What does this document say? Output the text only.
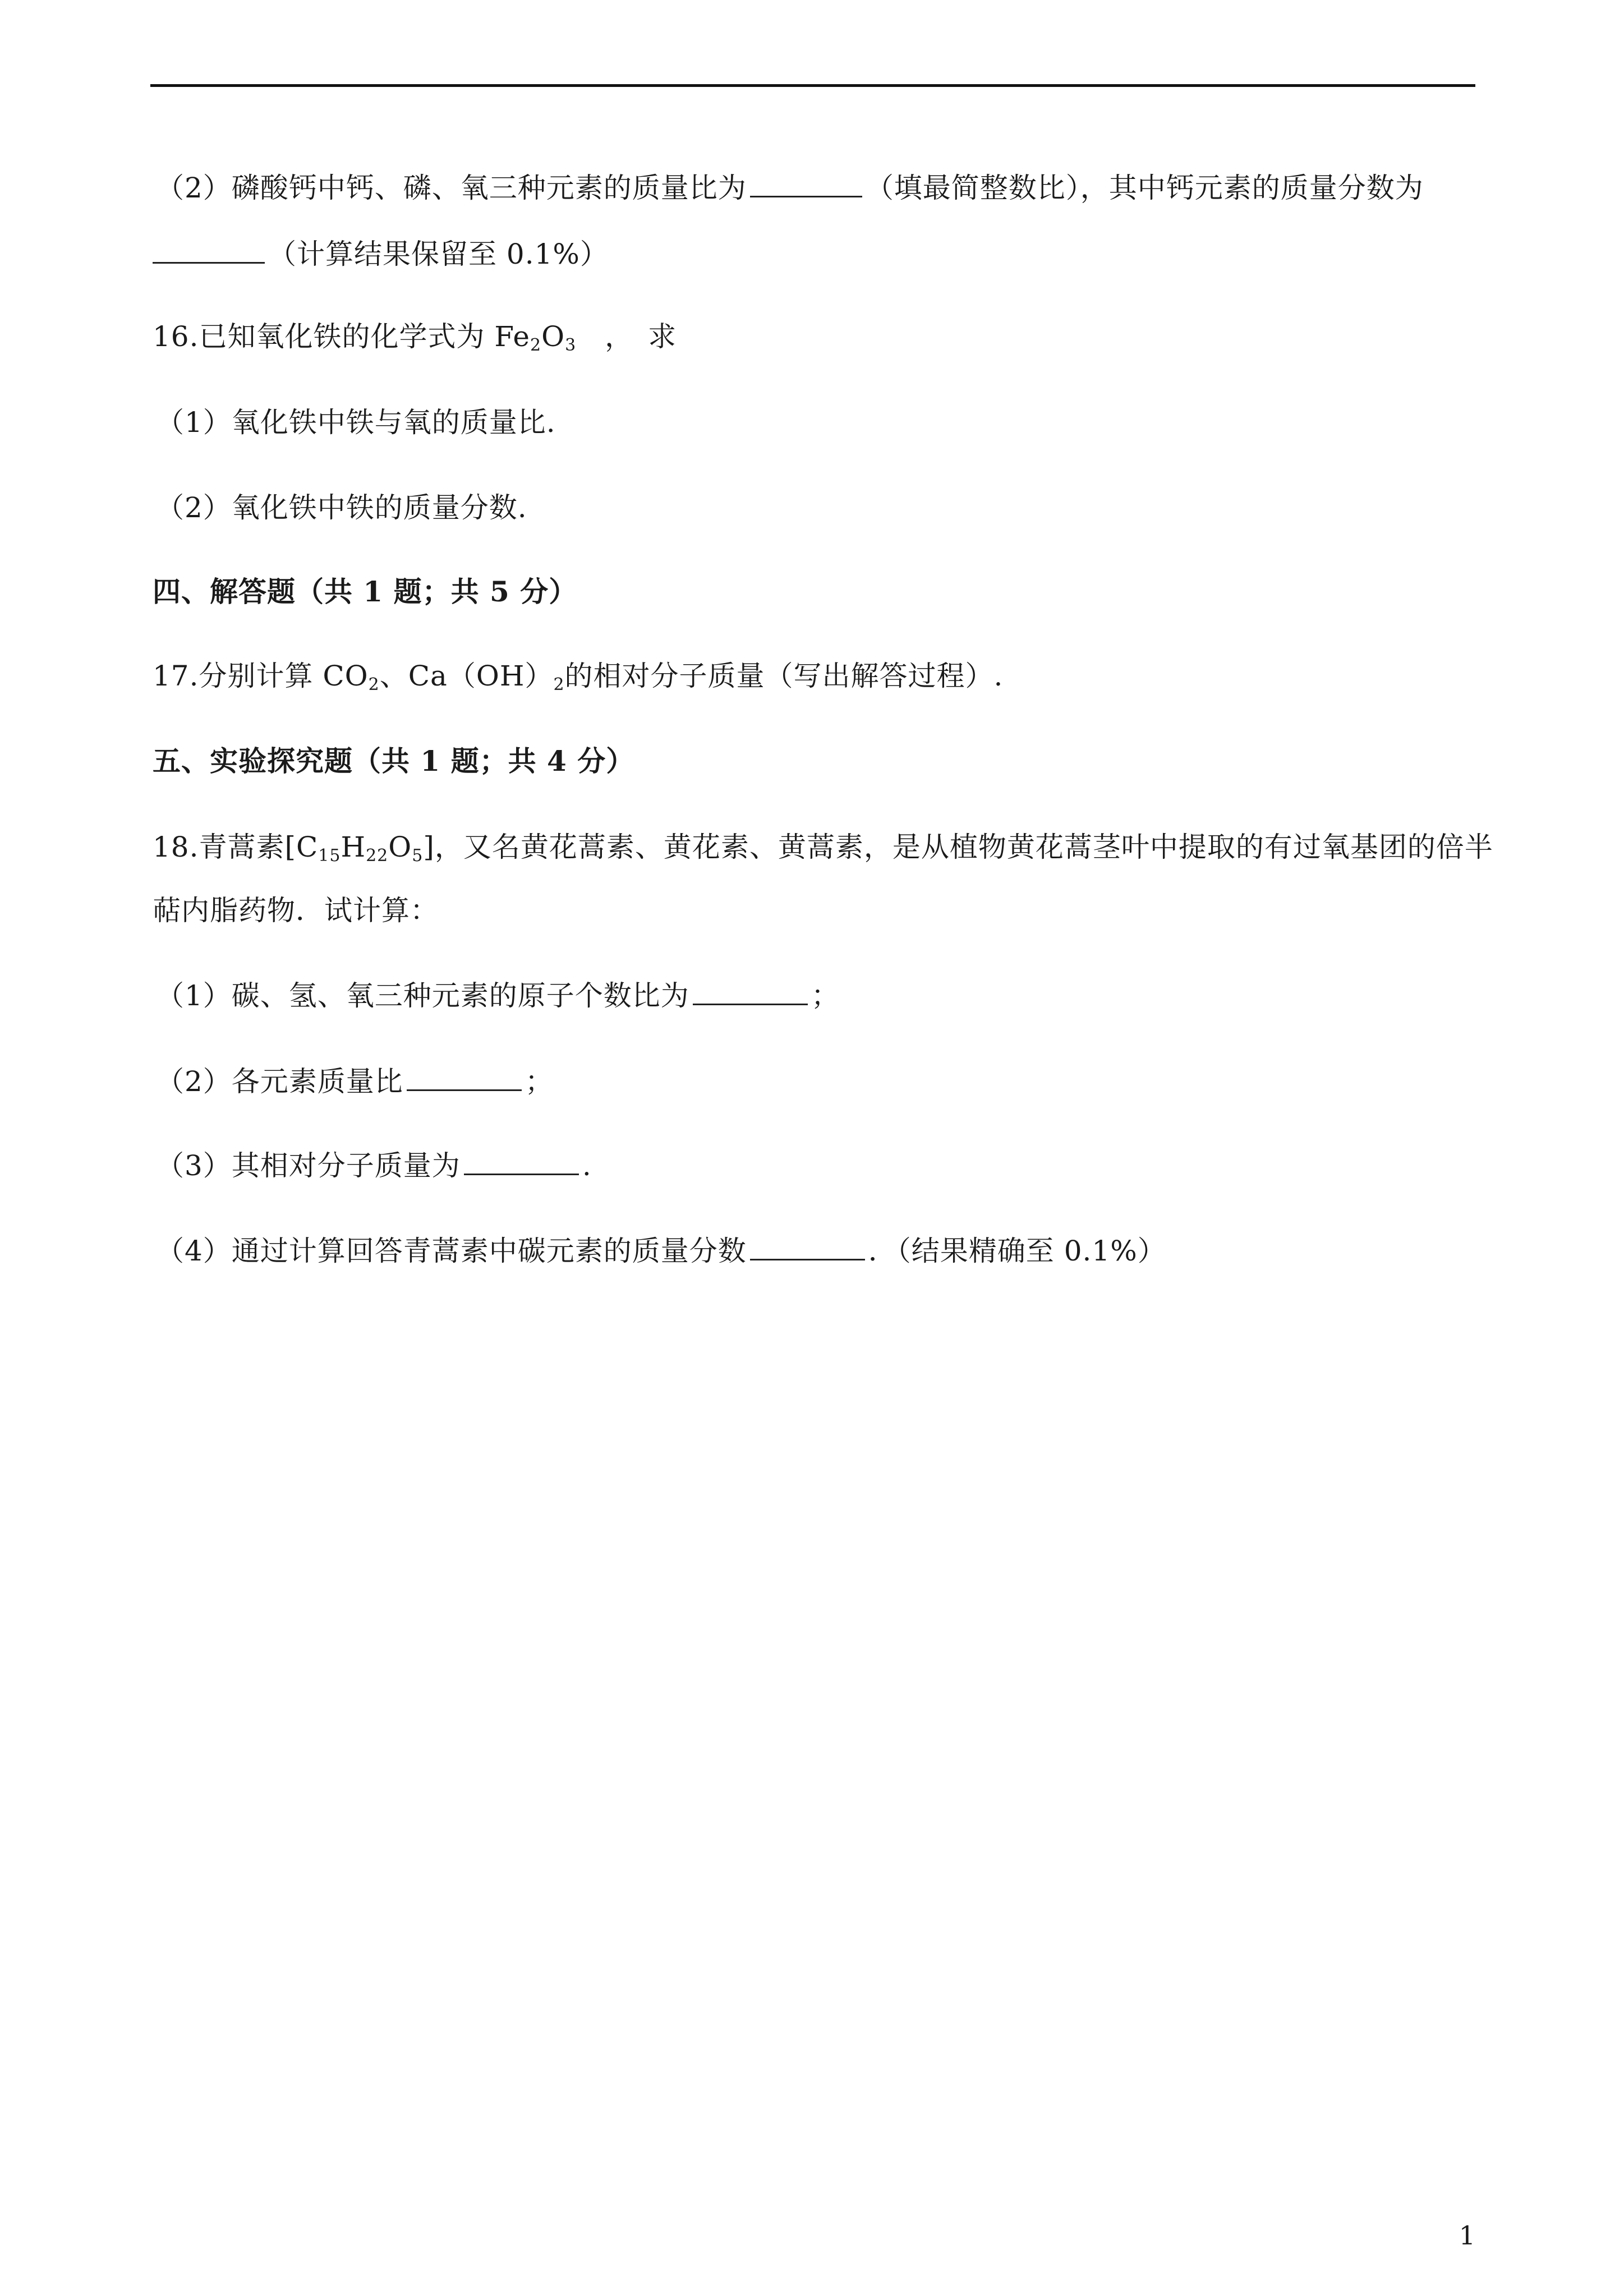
（2）磷酸钙中钙、磷、氧三种元素的质量比为	（填最简整数比），其中钙元素的质量分数为
（计算结果保留至 0.1%）
16.已知氧化铁的化学式为 $Fe_2O_3$　，　求
（1）氧化铁中铁与氧的质量比.
（2）氧化铁中铁的质量分数.
四、解答题（共 1 题；共 5 分）
17.分别计算 $CO_2$、$Ca(OH)_2$的相对分子质量（写出解答过程）.
五、实验探究题（共 1 题；共 4 分）
18.青蒿素$[C_{15}H_{22}O_5]$，又名黄花蒿素、黄花素、黄蒿素，是从植物黄花蒿茎叶中提取的有过氧基团的倍半
萜内脂药物．试计算：
（1）碳、氢、氧三种元素的原子个数比为	；
（2）各元素质量比	；
（3）其相对分子质量为	.
（4）通过计算回答青蒿素中碳元素的质量分数	．（结果精确至 0.1%）
1
